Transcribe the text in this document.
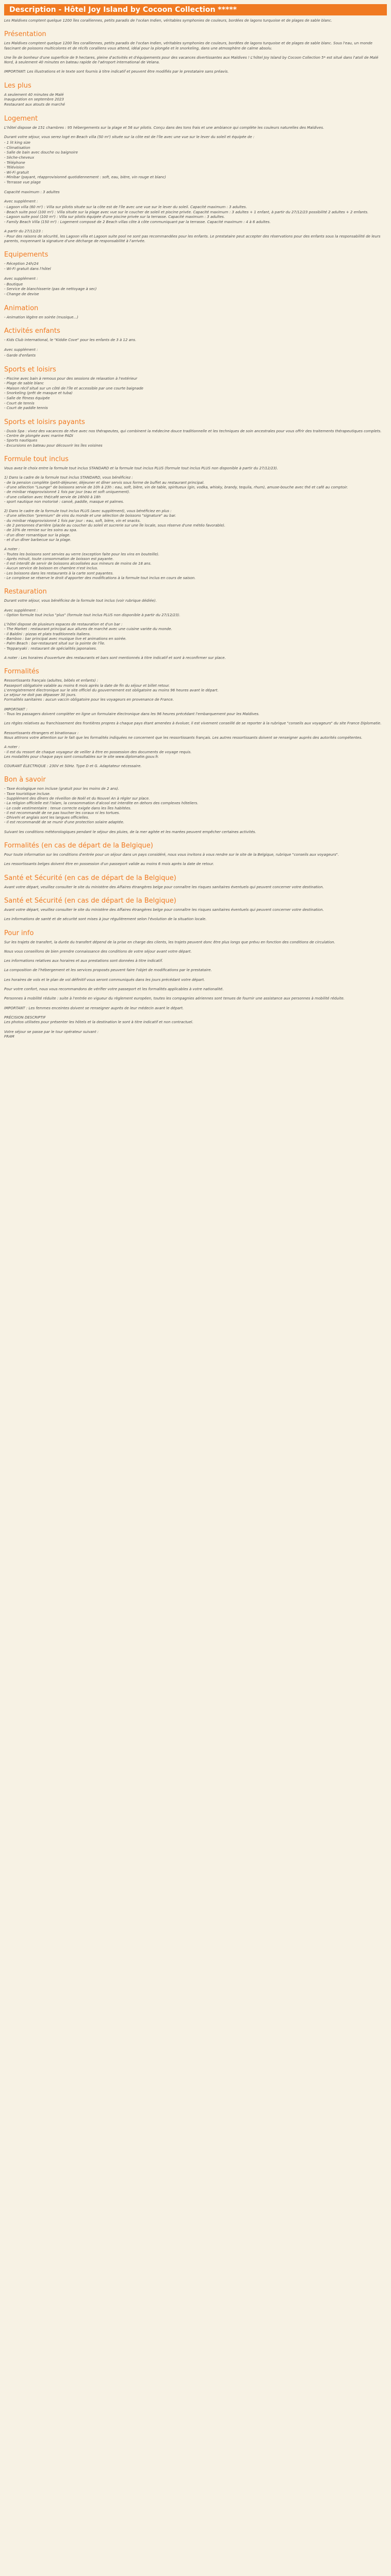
Description - Hôtel Joy Island by Cocoon Collection *****

Les Maldives comptent quelque 1200 îles coralliennes, petits paradis de l'océan Indien, véritables symphonies de couleurs, bordées de lagons turquoise et de plages de sable blanc.

Présentation

Les Maldives comptent quelque 1200 îles coralliennes, petits paradis de l'océan Indien, véritables symphonies de couleurs, bordées de lagons turquoise et de plages de sable blanc. Sous l'eau, un monde fascinant de poissons multicolores et de récifs coralliens vous attend, idéal pour la plongée et le snorkeling, dans une atmosphère de calme absolu.

Une île de bonheur d'une superficie de 9 hectares, pleine d'activités et d'équipements pour des vacances divertissantes aux Maldives ! L'hôtel Joy Island by Cocoon Collection 5* est situé dans l'atoll de Malé Nord, à seulement 40 minutes en bateau rapide de l'aéroport international de Velana.

IMPORTANT: Les illustrations et le texte sont fournis à titre indicatif et peuvent être modifiés par le prestataire sans préavis.

Les plus
A seulement 40 minutes de Malé
Inauguration en septembre 2023
Restaurant aux atouts de marché
Logement

L'hôtel dispose de 151 chambres : 95 hébergements sur la plage et 56 sur pilotis. Conçu dans des tons frais et une ambiance qui complète les couleurs naturelles des Maldives.

Durant votre séjour, vous serez logé en Beach villa (50 m²) située sur la côte est de l'île avec une vue sur le lever du soleil et équipée de :

- 1 lit king size
- Climatisation
- Salle de bain avec douche ou baignoire
- Sèche-cheveux
- Téléphone
- Télévision
- Wi-Fi gratuit
- Minibar (payant, réapprovisionné quotidiennement : soft, eau, bière, vin rouge et blanc)
- Terrasse vue plage

Capacité maximum : 3 adultes

Avec supplément :

- Lagoon villa (60 m²) : Villa sur pilotis située sur la côte est de l'île avec une vue sur le lever du soleil. Capacité maximum : 3 adultes.
- Beach suite pool (100 m²) : Villa située sur la plage avec vue sur le coucher de soleil et piscine privée. Capacité maximum : 3 adultes + 1 enfant, à partir du 27/12/23 possibilité 2 adultes + 2 enfants.
- Lagoon suite pool (100 m²) : Villa sur pilotis équipée d'une piscine privée sur la terrasse. Capacité maximum : 3 adultes.
- Family Beach Villa (150 m²) : Logement composé de 2 Beach villas côte à côte communiquant par la terrasse. Capacité maximum : 4 à 6 adultes.

A partir du 27/12/23 :

- Pour des raisons de sécurité, les Lagoon villa et Lagoon suite pool ne sont pas recommandées pour les enfants. Le prestataire peut accepter des réservations pour des enfants sous la responsabilité de leurs parents, moyennant la signature d'une décharge de responsabilité à l'arrivée.

Equipements
- Réception 24h/24
- Wi-Fi gratuit dans l'hôtel

Avec supplément :

- Boutique
- Service de blanchisserie (pas de nettoyage à sec)
- Change de devise
Animation
- Animation légère en soirée (musique...)
Activités enfants
- Kids Club international, le "Kiddie Cove" pour les enfants de 3 à 12 ans.

Avec supplément :

- Garde d'enfants
Sports et loisirs
- Piscine avec bain à remous pour des sessions de relaxation à l'extérieur
- Plage de sable blanc
- Maison récif situé sur un côté de l'île et accessible par une courte baignade
- Snorkeling (prêt de masque et tuba)
- Salle de fitness équipée
- Court de tennis
- Court de paddle tennis
Sports et loisirs payants

- Dusis Spa : vivez des vacances de rêve avec nos thérapeutes, qui combinent la médecine douce traditionnelle et les techniques de soin ancestrales pour vous offrir des traitements thérapeutiques complets.

- Centre de plongée avec marine PADI

- Sports nautiques

- Excursions en bateau pour découvrir les îles voisines

Formule tout inclus

Vous avez le choix entre la formule tout inclus STANDARD et la formule tout inclus PLUS (formule tout inclus PLUS non disponible à partir du 27/12/23).

1) Dans la cadre de la formule tout inclus STANDARD, vous bénéficiez :

- de la pension complète (petit-déjeuner, déjeuner et dîner servis sous forme de buffet au restaurant principal.

- d'une sélection "Lounge" de boissons servie de 10h à 23h : eau, soft, bière, vin de table, spiritueux (gin, vodka, whisky, brandy, tequila, rhum), amuse-bouche avec thé et café au comptoir.

- de minibar réapprovisionné 1 fois par jour (eau et soft uniquement).

- d'une collation avec thé/café servie de 16h00 à 18h

- sport nautique non motorisé : canoë, paddle, masque et palmes.

2) Dans le cadre de la formule tout inclus PLUS (avec supplément), vous bénéficiez en plus :

- d'une sélection "premium" de vins du monde et une sélection de boissons "signature" au bar.

- du minibar réapprovisionné 1 fois par jour : eau, soft, bière, vin et snacks.

- de 2 personnes d'arrière (placée au coucher du soleil et sucrerie sur une île locale, sous réserve d'une météo favorable).

- de 10% de remise sur les soins au spa.

- d'un dîner romantique sur la plage.

- et d'un dîner barbecue sur la plage.

A noter :

- Toutes les boissons sont servies au verre (exception faite pour les vins en bouteille).

- Après minuit, toute consommation de boisson est payante.

- Il est interdit de servir de boissons alcoolisées aux mineurs de moins de 18 ans.

- Aucun service de boisson en chambre n'est inclus.

- Les boissons dans les restaurants à la carte sont payantes.

- Le complexe se réserve le droit d'apporter des modifications à la formule tout inclus en cours de saison.

Restauration

Durant votre séjour, vous bénéficiez de la formule tout inclus (voir rubrique dédiée).

Avec supplément :

- Option formule tout inclus "plus" (formule tout inclus PLUS non disponible à partir du 27/12/23).

L'hôtel dispose de plusieurs espaces de restauration et d'un bar :

- The Market : restaurant principal aux allures de marché avec une cuisine variée du monde.

- Il Baldini : pizzas et plats traditionnels italiens.

- Bamboo : bar principal avec musique live et animations en soirée.

- Palm Beach : bar-restaurant situé sur la pointe de l'île.

- Teppanyaki : restaurant de spécialités japonaises.

A noter : Les horaires d'ouverture des restaurants et bars sont mentionnés à titre indicatif et sont à reconfirmer sur place.

Formalités

Ressortissants français (adultes, bébés et enfants) :

Passeport obligatoire valable au moins 6 mois après la date de fin du séjour et billet retour.

L'enregistrement électronique sur le site officiel du gouvernement est obligatoire au moins 96 heures avant le départ.

Le séjour ne doit pas dépasser 30 jours.

Formalités sanitaires : aucun vaccin obligatoire pour les voyageurs en provenance de France.

IMPORTANT :

- Tous les passagers doivent compléter en ligne un formulaire électronique dans les 96 heures précédant l'embarquement pour les Maldives.

Les règles relatives au franchissement des frontières propres à chaque pays étant amenées à évoluer, il est vivement conseillé de se reporter à la rubrique "conseils aux voyageurs" du site France Diplomatie.

Ressortissants étrangers et binationaux :

Nous attirons votre attention sur le fait que les formalités indiquées ne concernent que les ressortissants français. Les autres ressortissants doivent se renseigner auprès des autorités compétentes.

A noter :

- Il est du ressort de chaque voyageur de veiller à être en possession des documents de voyage requis.

Les modalités pour chaque pays sont consultables sur le site www.diplomatie.gouv.fr.

COURANT ÉLECTRIQUE : 230V et 50Hz. Type D et G. Adaptateur nécessaire.

Bon à savoir

- Taxe écologique non incluse (gratuit pour les moins de 2 ans).

- Taxe touristique incluse.

- Supplément des dîners de réveillon de Noël et du Nouvel An à régler sur place.

- La religion officielle est l'islam, la consommation d'alcool est interdite en dehors des complexes hôteliers.

- Le code vestimentaire : tenue correcte exigée dans les îles habitées.

- Il est recommandé de ne pas toucher les coraux ni les tortues.

- Dhivehi et anglais sont les langues officielles.

- Il est recommandé de se munir d'une protection solaire adaptée.

Suivant les conditions météorologiques pendant le séjour des pluies, de la mer agitée et les marées peuvent empêcher certaines activités.

Formalités (en cas de départ de la Belgique)

Pour toute information sur les conditions d'entrée pour un séjour dans un pays considéré, nous vous invitons à vous rendre sur le site de la Belgique, rubrique "conseils aux voyageurs".

Les ressortissants belges doivent être en possession d'un passeport valide au moins 6 mois après la date de retour.

Santé et Sécurité (en cas de départ de la Belgique)

Avant votre départ, veuillez consulter le site du ministère des Affaires étrangères belge pour connaître les risques sanitaires éventuels qui peuvent concerner votre destination.

Santé et Sécurité (en cas de départ de la Belgique)

Avant votre départ, veuillez consulter le site du ministère des Affaires étrangères belge pour connaître les risques sanitaires éventuels qui peuvent concerner votre destination.

Les informations de santé et de sécurité sont mises à jour régulièrement selon l'évolution de la situation locale.

Pour info

Sur les trajets de transfert, la durée du transfert dépend de la prise en charge des clients, les trajets peuvent donc être plus longs que prévu en fonction des conditions de circulation.

Nous vous conseillons de bien prendre connaissance des conditions de votre séjour avant votre départ.

Les informations relatives aux horaires et aux prestations sont données à titre indicatif.

La composition de l'hébergement et les services proposés peuvent faire l'objet de modifications par le prestataire.

Les horaires de vols et le plan de vol définitif vous seront communiqués dans les jours précédant votre départ.

Pour votre confort, nous vous recommandons de vérifier votre passeport et les formalités applicables à votre nationalité.

Personnes à mobilité réduite : suite à l'entrée en vigueur du règlement européen, toutes les compagnies aériennes sont tenues de fournir une assistance aux personnes à mobilité réduite.

IMPORTANT : Les femmes enceintes doivent se renseigner auprès de leur médecin avant le départ.

PRÉCISION DESCRIPTIF

Les photos utilisées pour présenter les hôtels et la destination le sont à titre indicatif et non contractuel.

Votre séjour se passe par le tour opérateur suivant :

FRAM
